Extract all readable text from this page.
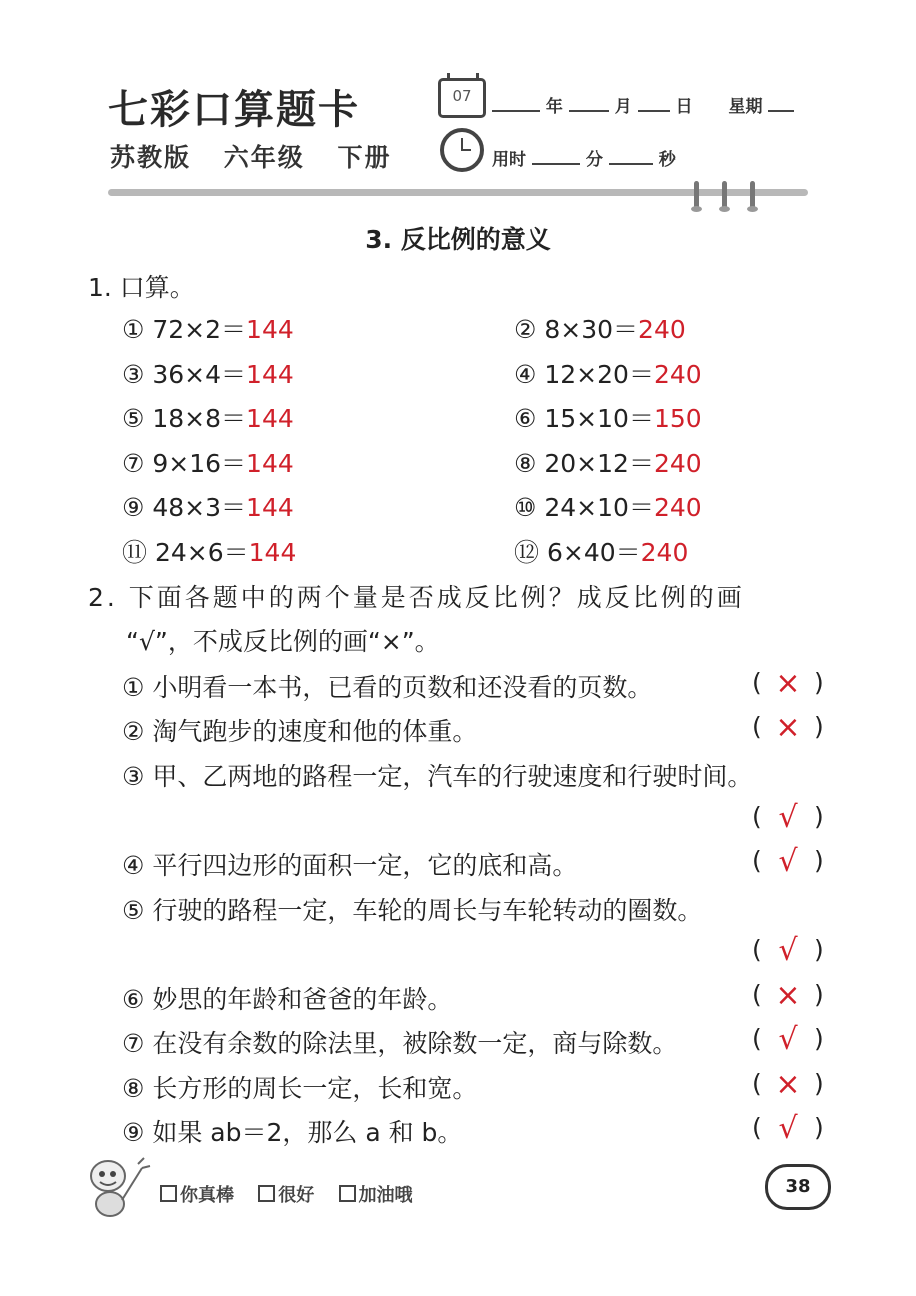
七彩口算题卡
苏教版 六年级 下册
07
年	月	日 星期
用时	分	秒
3. 反比例的意义
1. 口算。
① 72×2＝144	② 8×30＝240
③ 36×4＝144	④ 12×20＝240
⑤ 18×8＝144	⑥ 15×10＝150
⑦ 9×16＝144	⑧ 20×12＝240
⑨ 48×3＝144	⑩ 24×10＝240
⑪ 24×6＝144	⑫ 6×40＝240
2. 下面各题中的两个量是否成反比例？成反比例的画
“√”，不成反比例的画“×”。
① 小明看一本书，已看的页数和还没看的页数。	( × )
② 淘气跑步的速度和他的体重。	( × )
③ 甲、乙两地的路程一定，汽车的行驶速度和行驶时间。
( √ )
④ 平行四边形的面积一定，它的底和高。	( √ )
⑤ 行驶的路程一定，车轮的周长与车轮转动的圈数。
( √ )
⑥ 妙思的年龄和爸爸的年龄。	( × )
⑦ 在没有余数的除法里，被除数一定，商与除数。	( √ )
⑧ 长方形的周长一定，长和宽。	( × )
⑨ 如果 ab＝2，那么 a 和 b。	( √ )
你真棒 很好 加油哦	38
